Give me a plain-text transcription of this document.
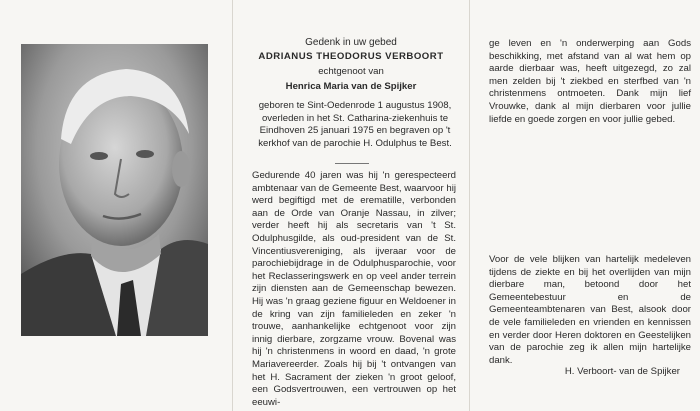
Gedenk in uw gebed
ADRIANUS THEODORUS VERBOORT
echtgenoot van
Henrica Maria van de Spijker
geboren te Sint-Oedenrode 1 augustus 1908, overleden in het St. Catharina-ziekenhuis te Eindhoven 25 januari 1975 en begraven op 't kerkhof van de parochie H. Odulphus te Best.
Gedurende 40 jaren was hij 'n gerespecteerd ambtenaar van de Gemeente Best, waarvoor hij werd begiftigd met de erematille, verbonden aan de Orde van Oranje Nassau, in zilver; verder heeft hij als secretaris van 't St. Odulphusgilde, als oud-president van de St. Vincentiusvereniging, als ijveraar voor de parochiebijdrage in de Odulphusparochie, voor het Reclasseringswerk en op veel ander terrein zijn diensten aan de Gemeenschap bewezen. Hij was 'n graag geziene figuur en Weldoener in de kring van zijn familieleden en zeker 'n trouwe, aanhankelijke echtgenoot voor zijn innig dierbare, zorgzame vrouw. Bovenal was hij 'n christenmens in woord en daad, 'n grote Mariavereerder. Zoals hij bij 't ontvangen van het H. Sacrament der zieken 'n groot geloof, een Godsvertrouwen, een vertrouwen op het eeuwi-
ge leven en 'n onderwerping aan Gods beschikking, met afstand van al wat hem op aarde dierbaar was, heeft uitgezegd, zo zal men zelden bij 't ziekbed en sterfbed van 'n christenmens ontmoeten. Dank mijn lief Vrouwke, dank al mijn dierbaren voor jullie liefde en goede zorgen en voor jullie gebed.
Voor de vele blijken van hartelijk medeleven tijdens de ziekte en bij het overlijden van mijn dierbare man, betoond door het Gemeentebestuur en de Gemeenteambtenaren van Best, alsook door de vele familieleden en vrienden en kennissen en verder door Heren doktoren en Geestelijken van de parochie zeg ik allen mijn hartelijke dank.
H. Verboort- van de Spijker
